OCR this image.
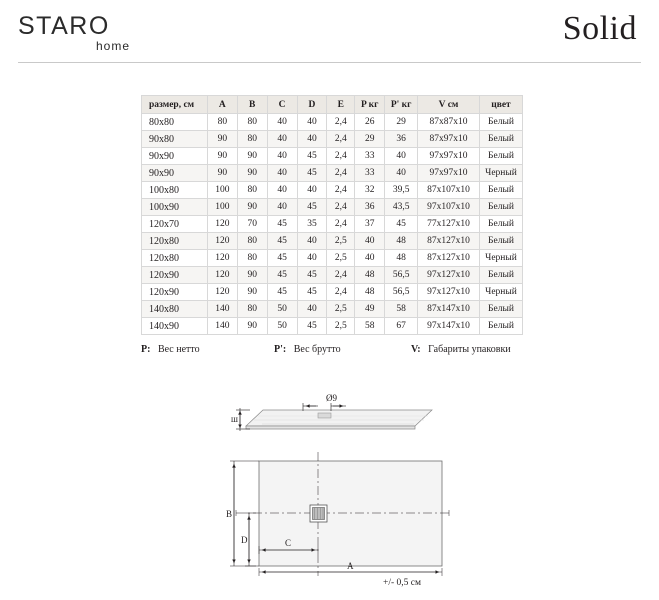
STARO
home	Solid
размер, см	A	B	C	D	E	P кг	P' кг	V см	цвет
80x80	80	80	40	40	2,4	26	29	87x87x10	Белый
90x80	90	80	40	40	2,4	29	36	87x97x10	Белый
90x90	90	90	40	45	2,4	33	40	97x97x10	Белый
90x90	90	90	40	45	2,4	33	40	97x97x10	Черный
100x80	100	80	40	40	2,4	32	39,5	87x107x10	Белый
100x90	100	90	40	45	2,4	36	43,5	97x107x10	Белый
120x70	120	70	45	35	2,4	37	45	77x127x10	Белый
120x80	120	80	45	40	2,5	40	48	87x127x10	Белый
120x80	120	80	45	40	2,5	40	48	87x127x10	Черный
120x90	120	90	45	45	2,4	48	56,5	97x127x10	Белый
120x90	120	90	45	45	2,4	48	56,5	97x127x10	Черный
140x80	140	80	50	40	2,5	49	58	87x147x10	Белый
140x90	140	90	50	45	2,5	58	67	97x147x10	Белый
P: Вес нетто	P': Вес брутто	V: Габариты упаковки
ш
Ø9
B
D	C
A
+/- 0,5 см
